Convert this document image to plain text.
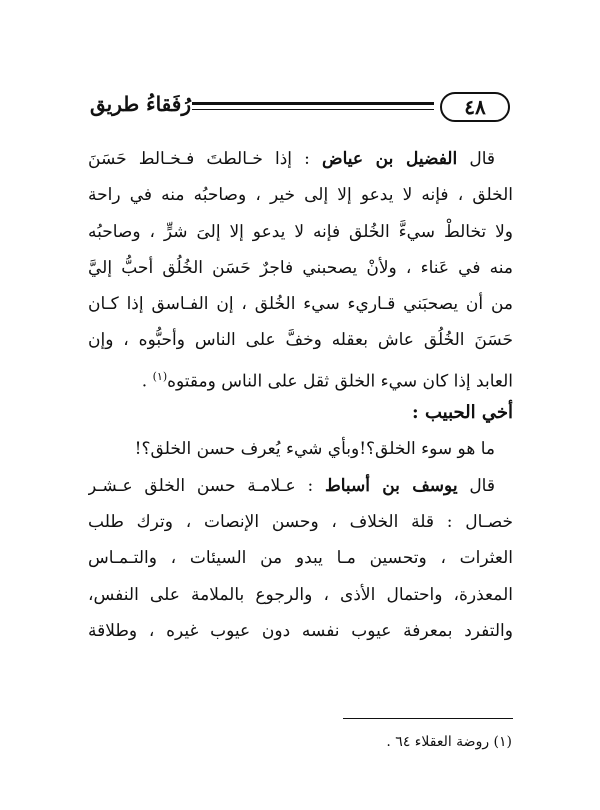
٤٨
رُفَقاءُ طريق
قال الفضيل بن عياض : إذا خـالطتَ فـخـالط حَسَنَ
الخلق ، فإنه لا يدعو إلا إلى خير ، وصاحبُه منه في راحة
ولا تخالطْ سيءَّ الخُلق فإنه لا يدعو إلا إلىَ شرٍّ ، وصاحبُه
منه في عَناء ، ولأنْ يصحبني فاجرٌ حَسَن الخُلُق أحبُّ إليَّ
من أن يصحبَني قـاريء سيء الخُلق ، إن الفـاسق إذا كـان
حَسَنَ الخُلُق عاش بعقله وخفَّ على الناس وأحبُّوه ، وإن
العابد إذا كان سيء الخلق ثقل على الناس ومقتوه$^{(١)}$ .
أخي الحبيب :
ما هو سوء الخلق؟!وبأي شيء يُعرف حسن الخلق؟!
قال يوسف بن أسباط : عـلامـة حسن الخلق عـشـر
خصـال : قلة الخلاف ، وحسن الإنصات ، وترك طلب
العثرات ، وتحسين مـا يبدو من السيئات ، والتـمـاس
المعذرة، واحتمال الأذى ، والرجوع بالملامة على النفس،
والتفرد بمعرفة عيوب نفسه دون عيوب غيره ، وطلاقة
(١) روضة العقلاء ٦٤ .
